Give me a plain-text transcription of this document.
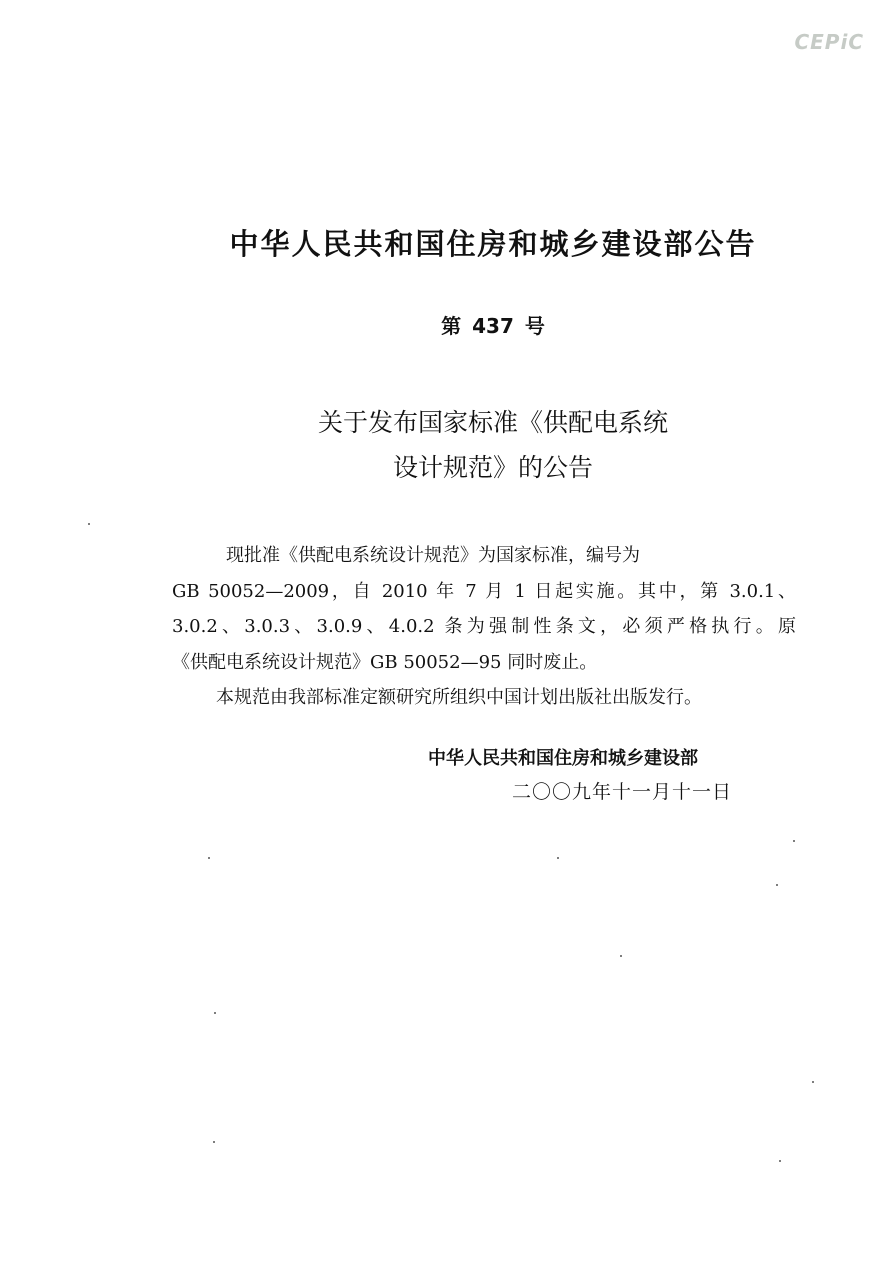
CEPiC
中华人民共和国住房和城乡建设部公告
第 437 号
关于发布国家标准《供配电系统
设计规范》的公告
现批准《供配电系统设计规范》为国家标准，编号为
GB 50052—2009，自 2010 年 7 月 1 日起实施。其中，第 3.0.1、
3.0.2、3.0.3、3.0.9、4.0.2 条为强制性条文，必须严格执行。原
《供配电系统设计规范》GB 50052—95 同时废止。
本规范由我部标准定额研究所组织中国计划出版社出版发行。
中华人民共和国住房和城乡建设部
二〇〇九年十一月十一日
